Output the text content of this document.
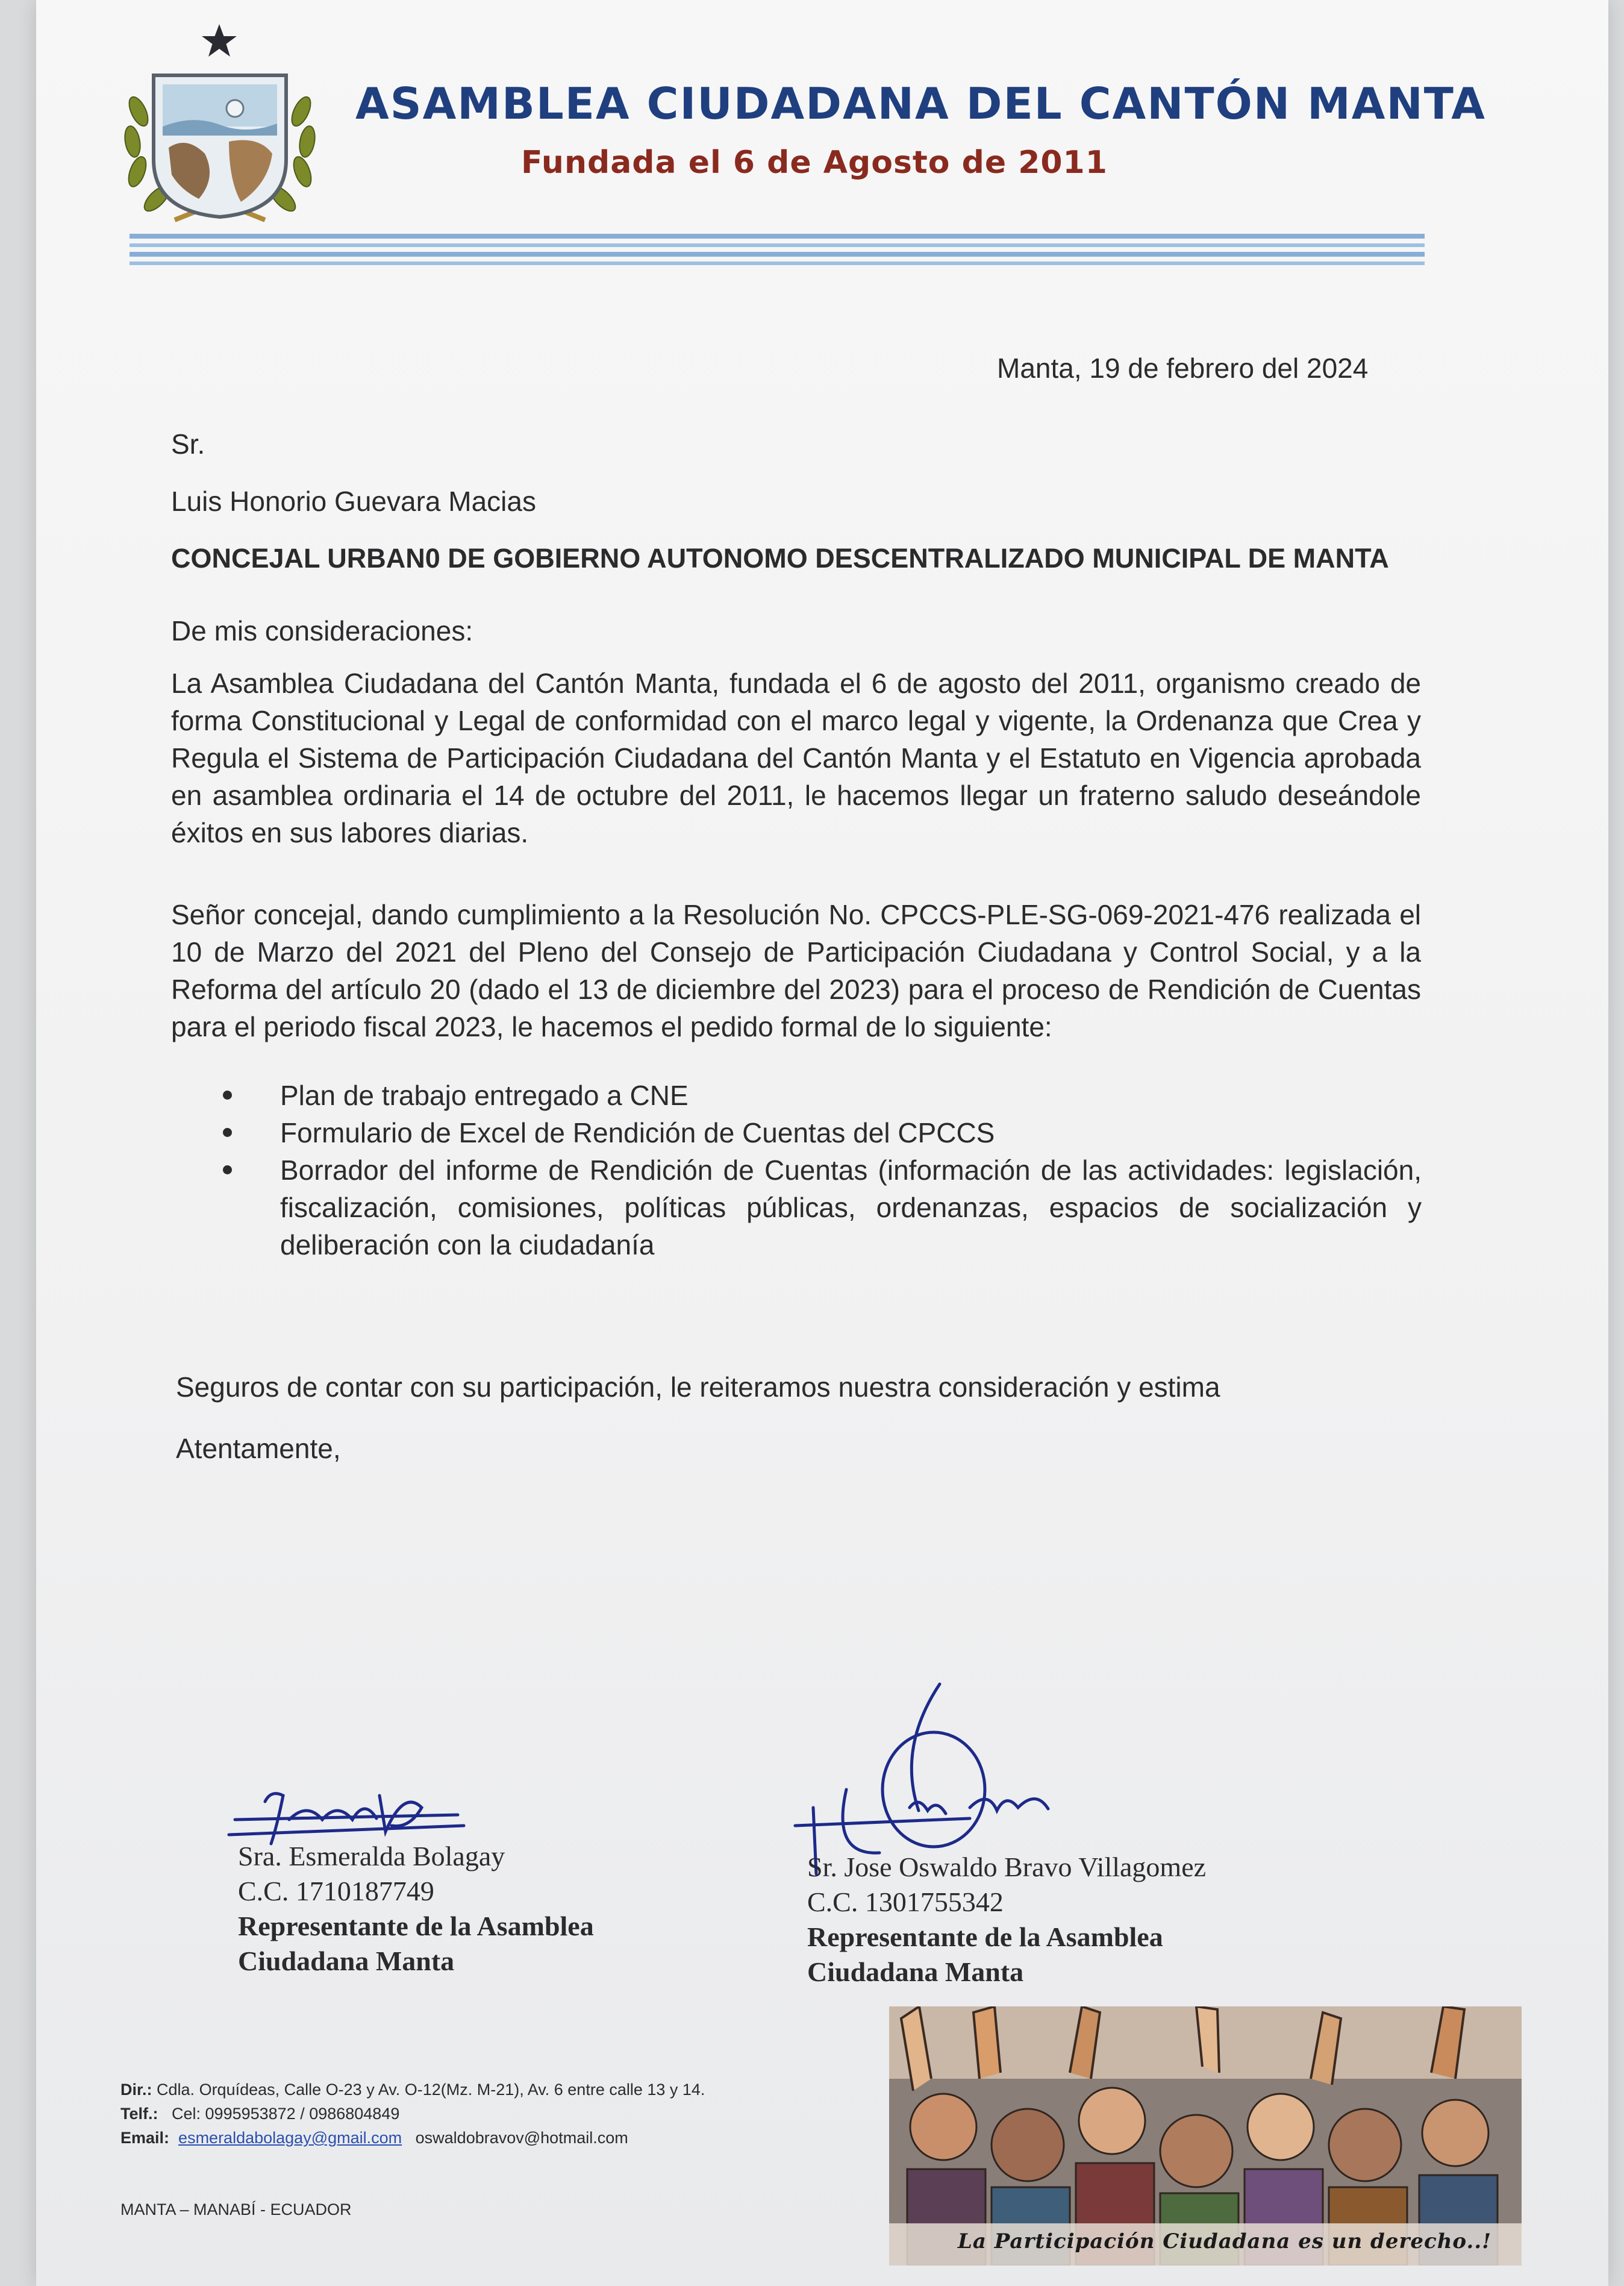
ASAMBLEA CIUDADANA DEL CANTÓN MANTA
Fundada el 6 de Agosto de 2011
Manta, 19 de febrero del 2024
Sr.
Luis Honorio Guevara Macias
CONCEJAL URBAN0 DE GOBIERNO AUTONOMO DESCENTRALIZADO MUNICIPAL DE MANTA
De mis consideraciones:
La Asamblea Ciudadana del Cantón Manta, fundada el 6 de agosto del 2011, organismo creado de forma Constitucional y Legal de conformidad con el marco legal y vigente, la Ordenanza que Crea y Regula el Sistema de Participación Ciudadana del Cantón Manta y el Estatuto en Vigencia aprobada en asamblea ordinaria el 14 de octubre del 2011, le hacemos llegar un fraterno saludo deseándole éxitos en sus labores diarias.
Señor concejal, dando cumplimiento a la Resolución No. CPCCS-PLE-SG-069-2021-476 realizada el 10 de Marzo del 2021 del Pleno del Consejo de Participación Ciudadana y Control Social, y a la Reforma del artículo 20 (dado el 13 de diciembre del 2023) para el proceso de Rendición de Cuentas para el periodo fiscal 2023, le hacemos el pedido formal de lo siguiente:
Plan de trabajo entregado a CNE
Formulario de Excel de Rendición de Cuentas del CPCCS
Borrador del informe de Rendición de Cuentas (información de las actividades: legislación, fiscalización, comisiones, políticas públicas, ordenanzas, espacios de socialización y deliberación con la ciudadanía
Seguros de contar con su participación, le reiteramos nuestra consideración y estima
Atentamente,
Sra. Esmeralda Bolagay
C.C. 1710187749
Representante de la Asamblea
Ciudadana Manta
Sr. Jose Oswaldo Bravo Villagomez
C.C. 1301755342
Representante de la Asamblea
Ciudadana Manta
Dir.: Cdla. Orquídeas, Calle O-23 y Av. O-12(Mz. M-21), Av. 6 entre calle 13 y 14.
Telf.: Cel: 0995953872 / 0986804849
Email: esmeraldabolagay@gmail.com oswaldobravov@hotmail.com
MANTA – MANABÍ - ECUADOR
La Participación Ciudadana es un derecho..!
